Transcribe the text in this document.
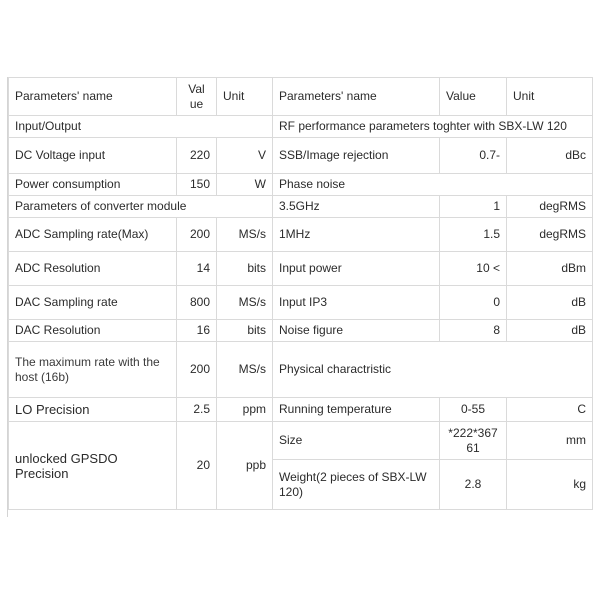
Parameters' name	Val ue	Unit	Parameters' name	Value	Unit
Input/Output			RF performance parameters toghter with SBX-LW 120		
DC Voltage input	220	V	SSB/Image rejection	0.7-	dBc
Power consumption	150	W	Phase noise		
Parameters of converter module			3.5GHz	1	degRMS
ADC Sampling rate(Max)	200	MS/s	1MHz	1.5	degRMS
ADC Resolution	14	bits	Input power	10 <	dBm
DAC Sampling rate	800	MS/s	Input IP3	0	dB
DAC Resolution	16	bits	Noise figure	8	dB
The maximum rate with the host (16b)	200	MS/s	Physical charactristic		
LO Precision	2.5	ppm	Running temperature	0-55	C
unlocked GPSDO Precision	20	ppb	Size	*222*367 61	mm
			Weight(2 pieces of SBX-LW 120)	2.8	kg
